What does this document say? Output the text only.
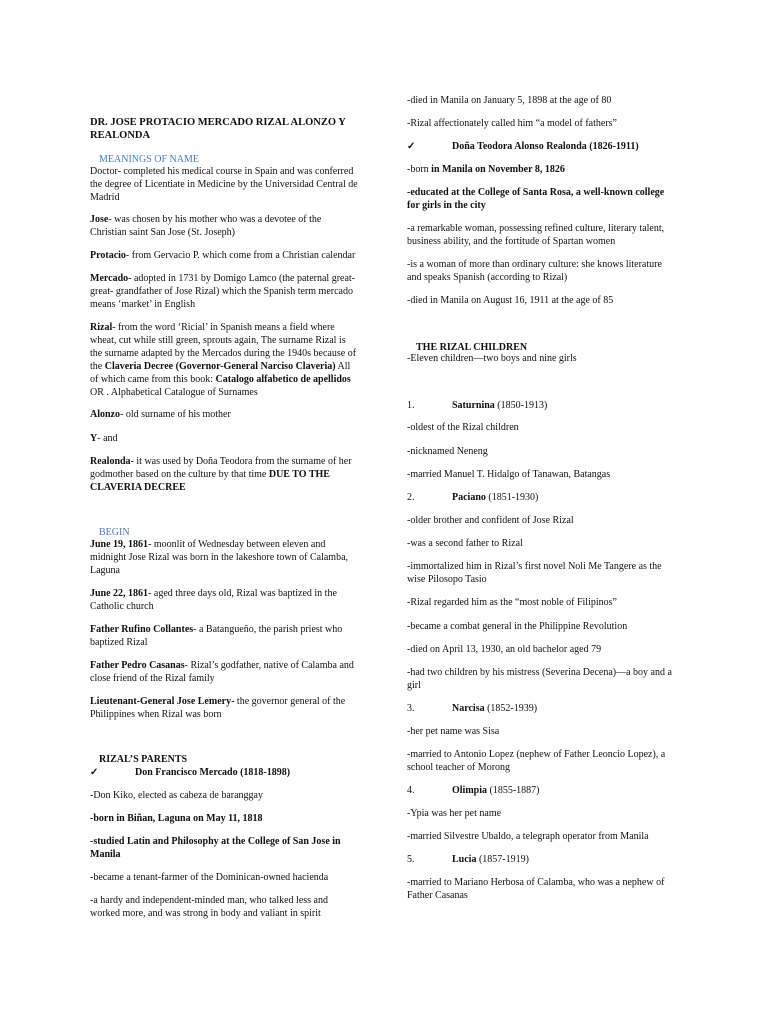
DR. JOSE PROTACIO MERCADO RIZAL ALONZO Y REALONDA
MEANINGS OF NAME
Doctor- completed his medical course in Spain and was conferred the degree of Licentiate in Medicine by the Universidad Central de Madrid
Jose- was chosen by his mother who was a devotee of the Christian saint San Jose (St. Joseph)
Protacio- from Gervacio P. which come from a Christian calendar
Mercado- adopted in 1731 by Domigo Lamco (the paternal great-great- grandfather of Jose Rizal) which the Spanish term mercado means ‘market’ in English
Rizal- from the word ‘Ricial’ in Spanish means a field where wheat, cut while still green, sprouts again, The surname Rizal is the surname adapted by the Mercados during the 1940s because of the Claveria Decree (Governor-General Narciso Claveria) All of which came from this book: Catalogo alfabetico de apellidos OR . Alphabetical Catalogue of Surnames
Alonzo- old surname of his mother
Y- and
Realonda- it was used by Doña Teodora from the surname of her godmother based on the culture by that time DUE TO THE CLAVERIA DECREE
BEGIN
June 19, 1861- moonlit of Wednesday between eleven and midnight Jose Rizal was born in the lakeshore town of Calamba, Laguna
June 22, 1861- aged three days old, Rizal was baptized in the Catholic church
Father Rufino Collantes- a Batangueño, the parish priest who baptized Rizal
Father Pedro Casanas- Rizal’s godfather, native of Calamba and close friend of the Rizal family
Lieutenant-General Jose Lemery- the governor general of the Philippines when Rizal was born
RIZAL’S PARENTS
✓	Don Francisco Mercado (1818-1898)
-Don Kiko, elected as cabeza de baranggay
-born in Biñan, Laguna on May 11, 1818
-studied Latin and Philosophy at the College of San Jose in Manila
-became a tenant-farmer of the Dominican-owned hacienda
-a hardy and independent-minded man, who talked less and worked more, and was strong in body and valiant in spirit
-died in Manila on January 5, 1898 at the age of 80
-Rizal affectionately called him “a model of fathers”
✓	Doña Teodora Alonso Realonda (1826-1911)
-born in Manila on November 8, 1826
-educated at the College of Santa Rosa, a well-known college for girls in the city
-a remarkable woman, possessing refined culture, literary talent, business ability, and the fortitude of Spartan women
-is a woman of more than ordinary culture: she knows literature and speaks Spanish (according to Rizal)
-died in Manila on August 16, 1911 at the age of 85
THE RIZAL CHILDREN
-Eleven children—two boys and nine girls
1.	Saturnina (1850-1913)
-oldest of the Rizal children
-nicknamed Neneng
-married Manuel T. Hidalgo of Tanawan, Batangas
2.	Paciano (1851-1930)
-older brother and confident of Jose Rizal
-was a second father to Rizal
-immortalized him in Rizal’s first novel Noli Me Tangere as the wise Pilosopo Tasio
-Rizal regarded him as the “most noble of Filipinos”
-became a combat general in the Philippine Revolution
-died on April 13, 1930, an old bachelor aged 79
-had two children by his mistress (Severina Decena)—a boy and a girl
3.	Narcisa (1852-1939)
-her pet name was Sisa
-married to Antonio Lopez (nephew of Father Leoncio Lopez), a school teacher of Morong
4.	Olimpia (1855-1887)
-Ypia was her pet name
-married Silvestre Ubaldo, a telegraph operator from Manila
5.	Lucia (1857-1919)
-married to Mariano Herbosa of Calamba, who was a nephew of Father Casanas
